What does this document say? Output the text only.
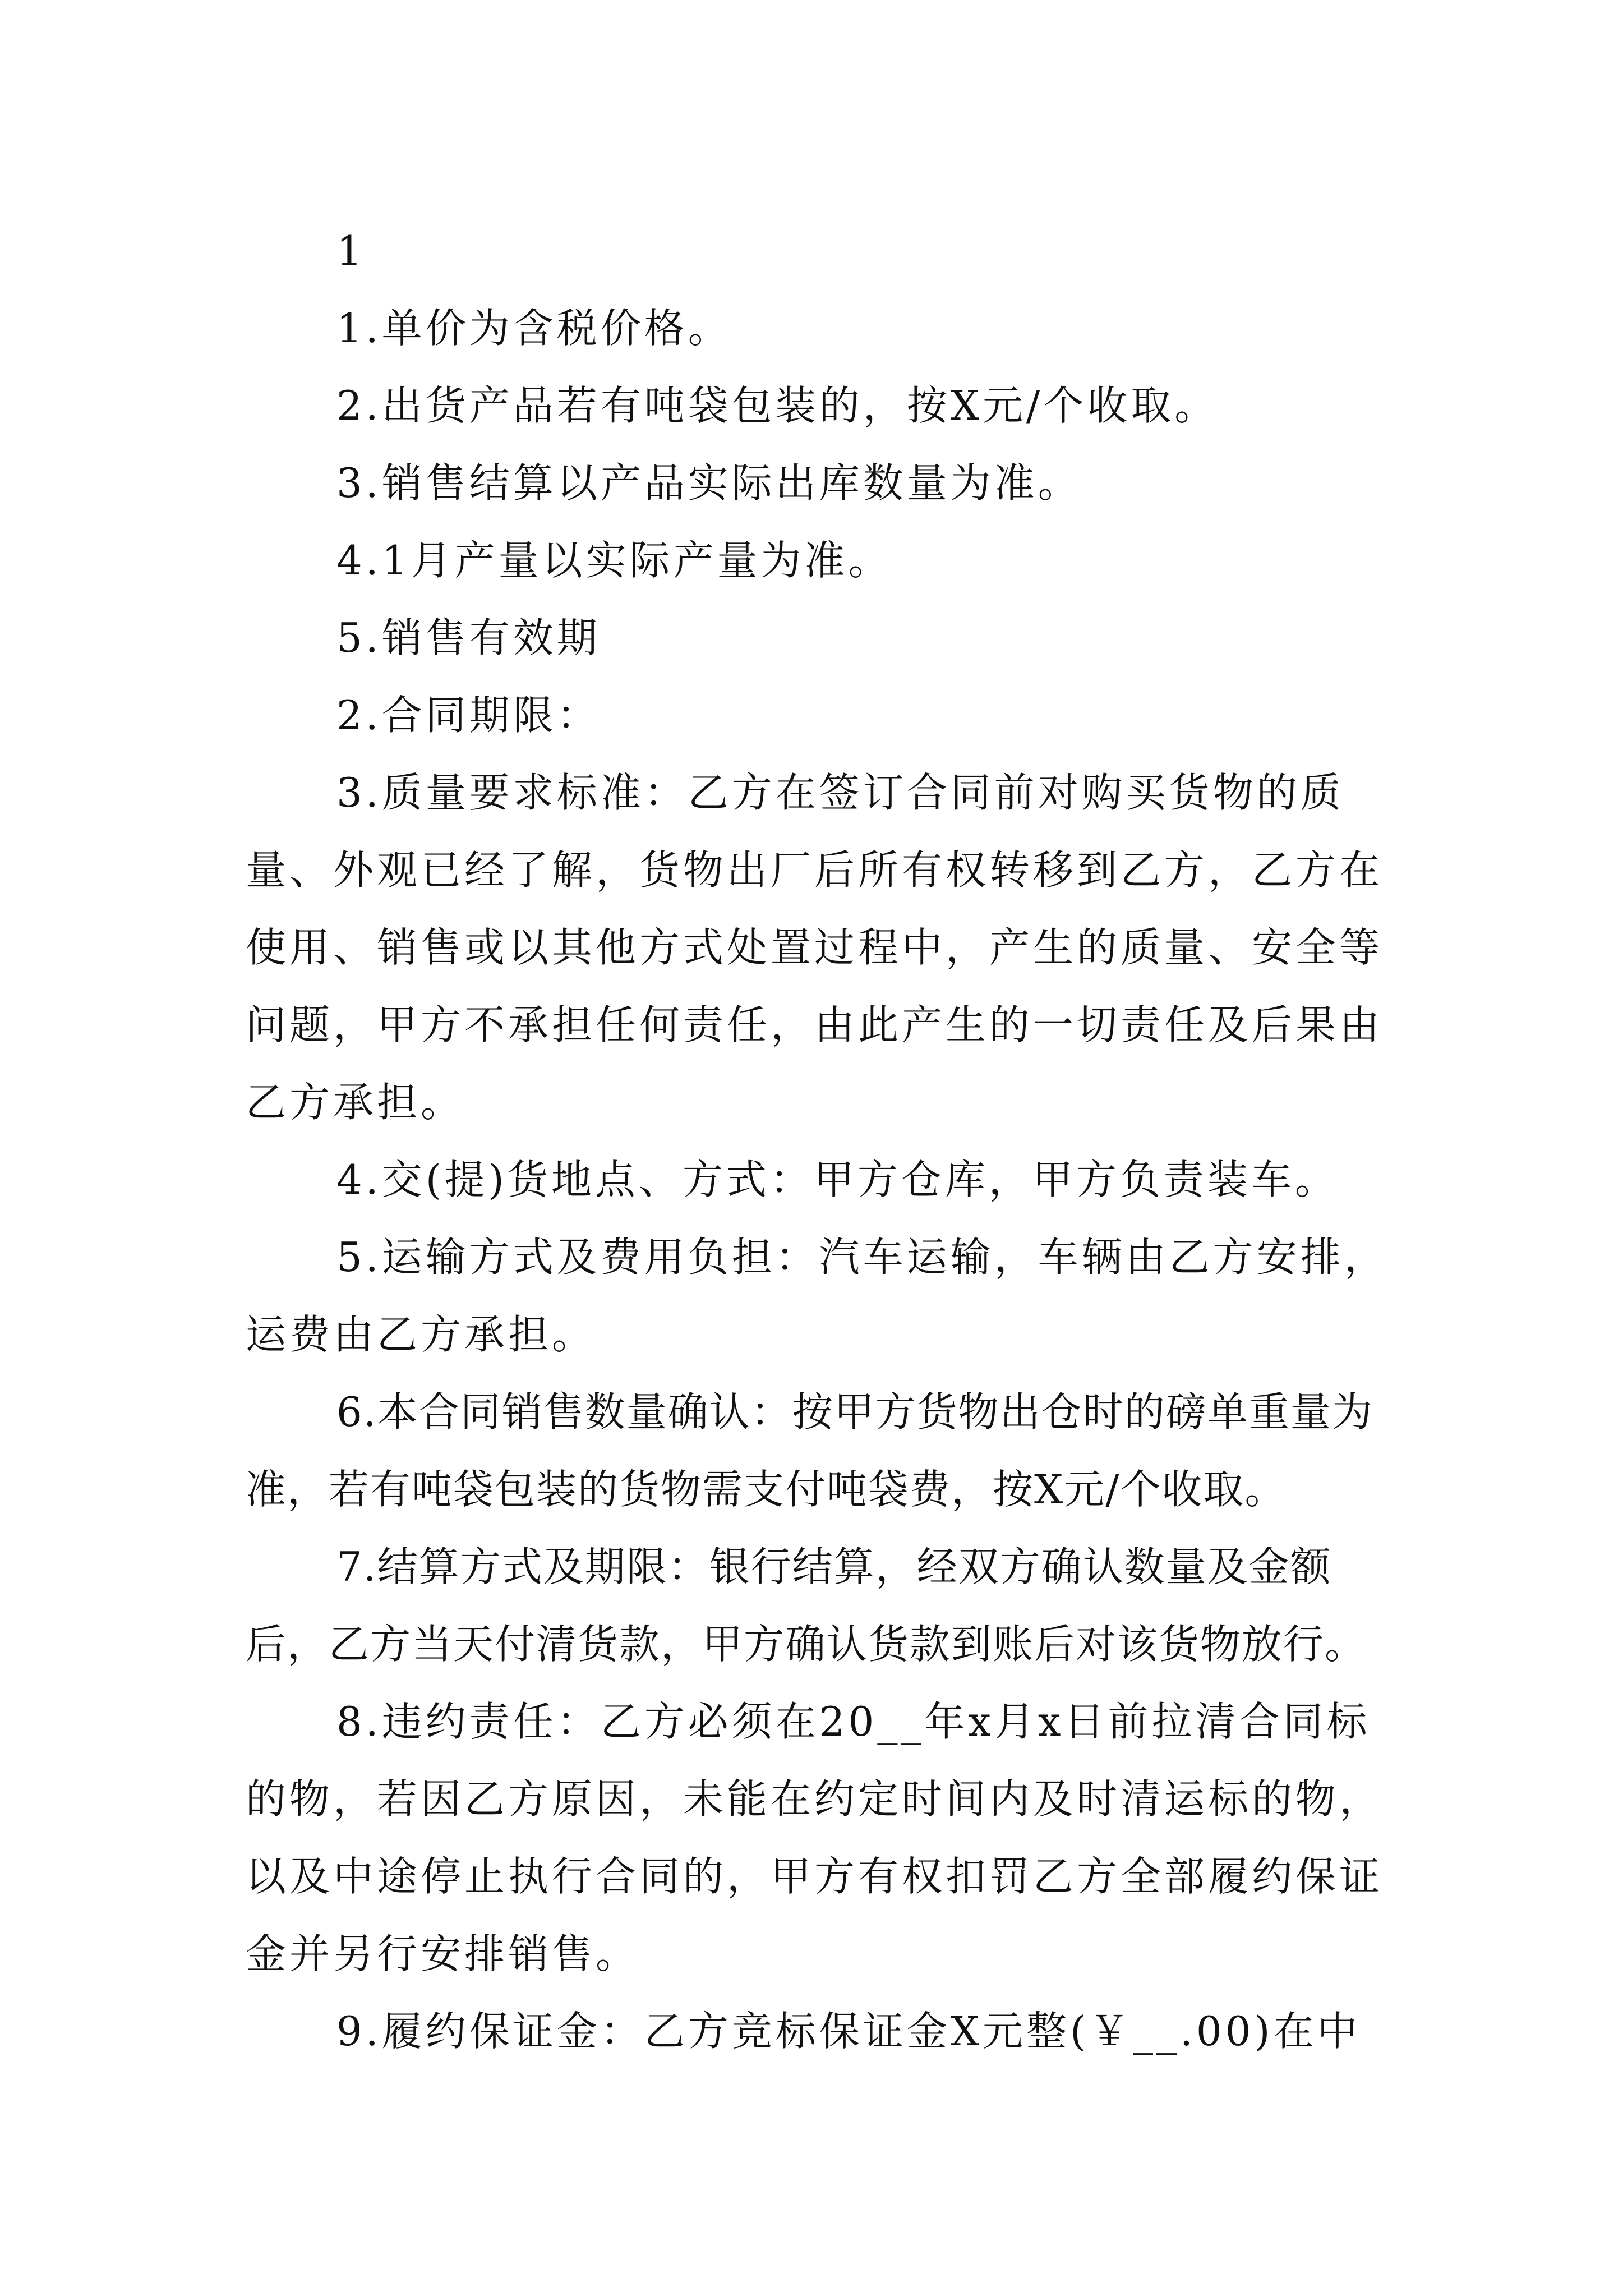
1

1.单价为含税价格。

2.出货产品若有吨袋包装的，按X元/个收取。

3.销售结算以产品实际出库数量为准。

4.1月产量以实际产量为准。

5.销售有效期

2.合同期限：

3.质量要求标准：乙方在签订合同前对购买货物的质量、外观已经了解，货物出厂后所有权转移到乙方，乙方在使用、销售或以其他方式处置过程中，产生的质量、安全等问题，甲方不承担任何责任，由此产生的一切责任及后果由乙方承担。

4.交(提)货地点、方式：甲方仓库，甲方负责装车。

5.运输方式及费用负担：汽车运输，车辆由乙方安排，运费由乙方承担。

6.本合同销售数量确认：按甲方货物出仓时的磅单重量为准，若有吨袋包装的货物需支付吨袋费，按X元/个收取。

7.结算方式及期限：银行结算，经双方确认数量及金额后，乙方当天付清货款，甲方确认货款到账后对该货物放行。

8.违约责任：乙方必须在20__年x月x日前拉清合同标的物，若因乙方原因，未能在约定时间内及时清运标的物，以及中途停止执行合同的，甲方有权扣罚乙方全部履约保证金并另行安排销售。

9.履约保证金：乙方竞标保证金X元整(￥__.00)在中
